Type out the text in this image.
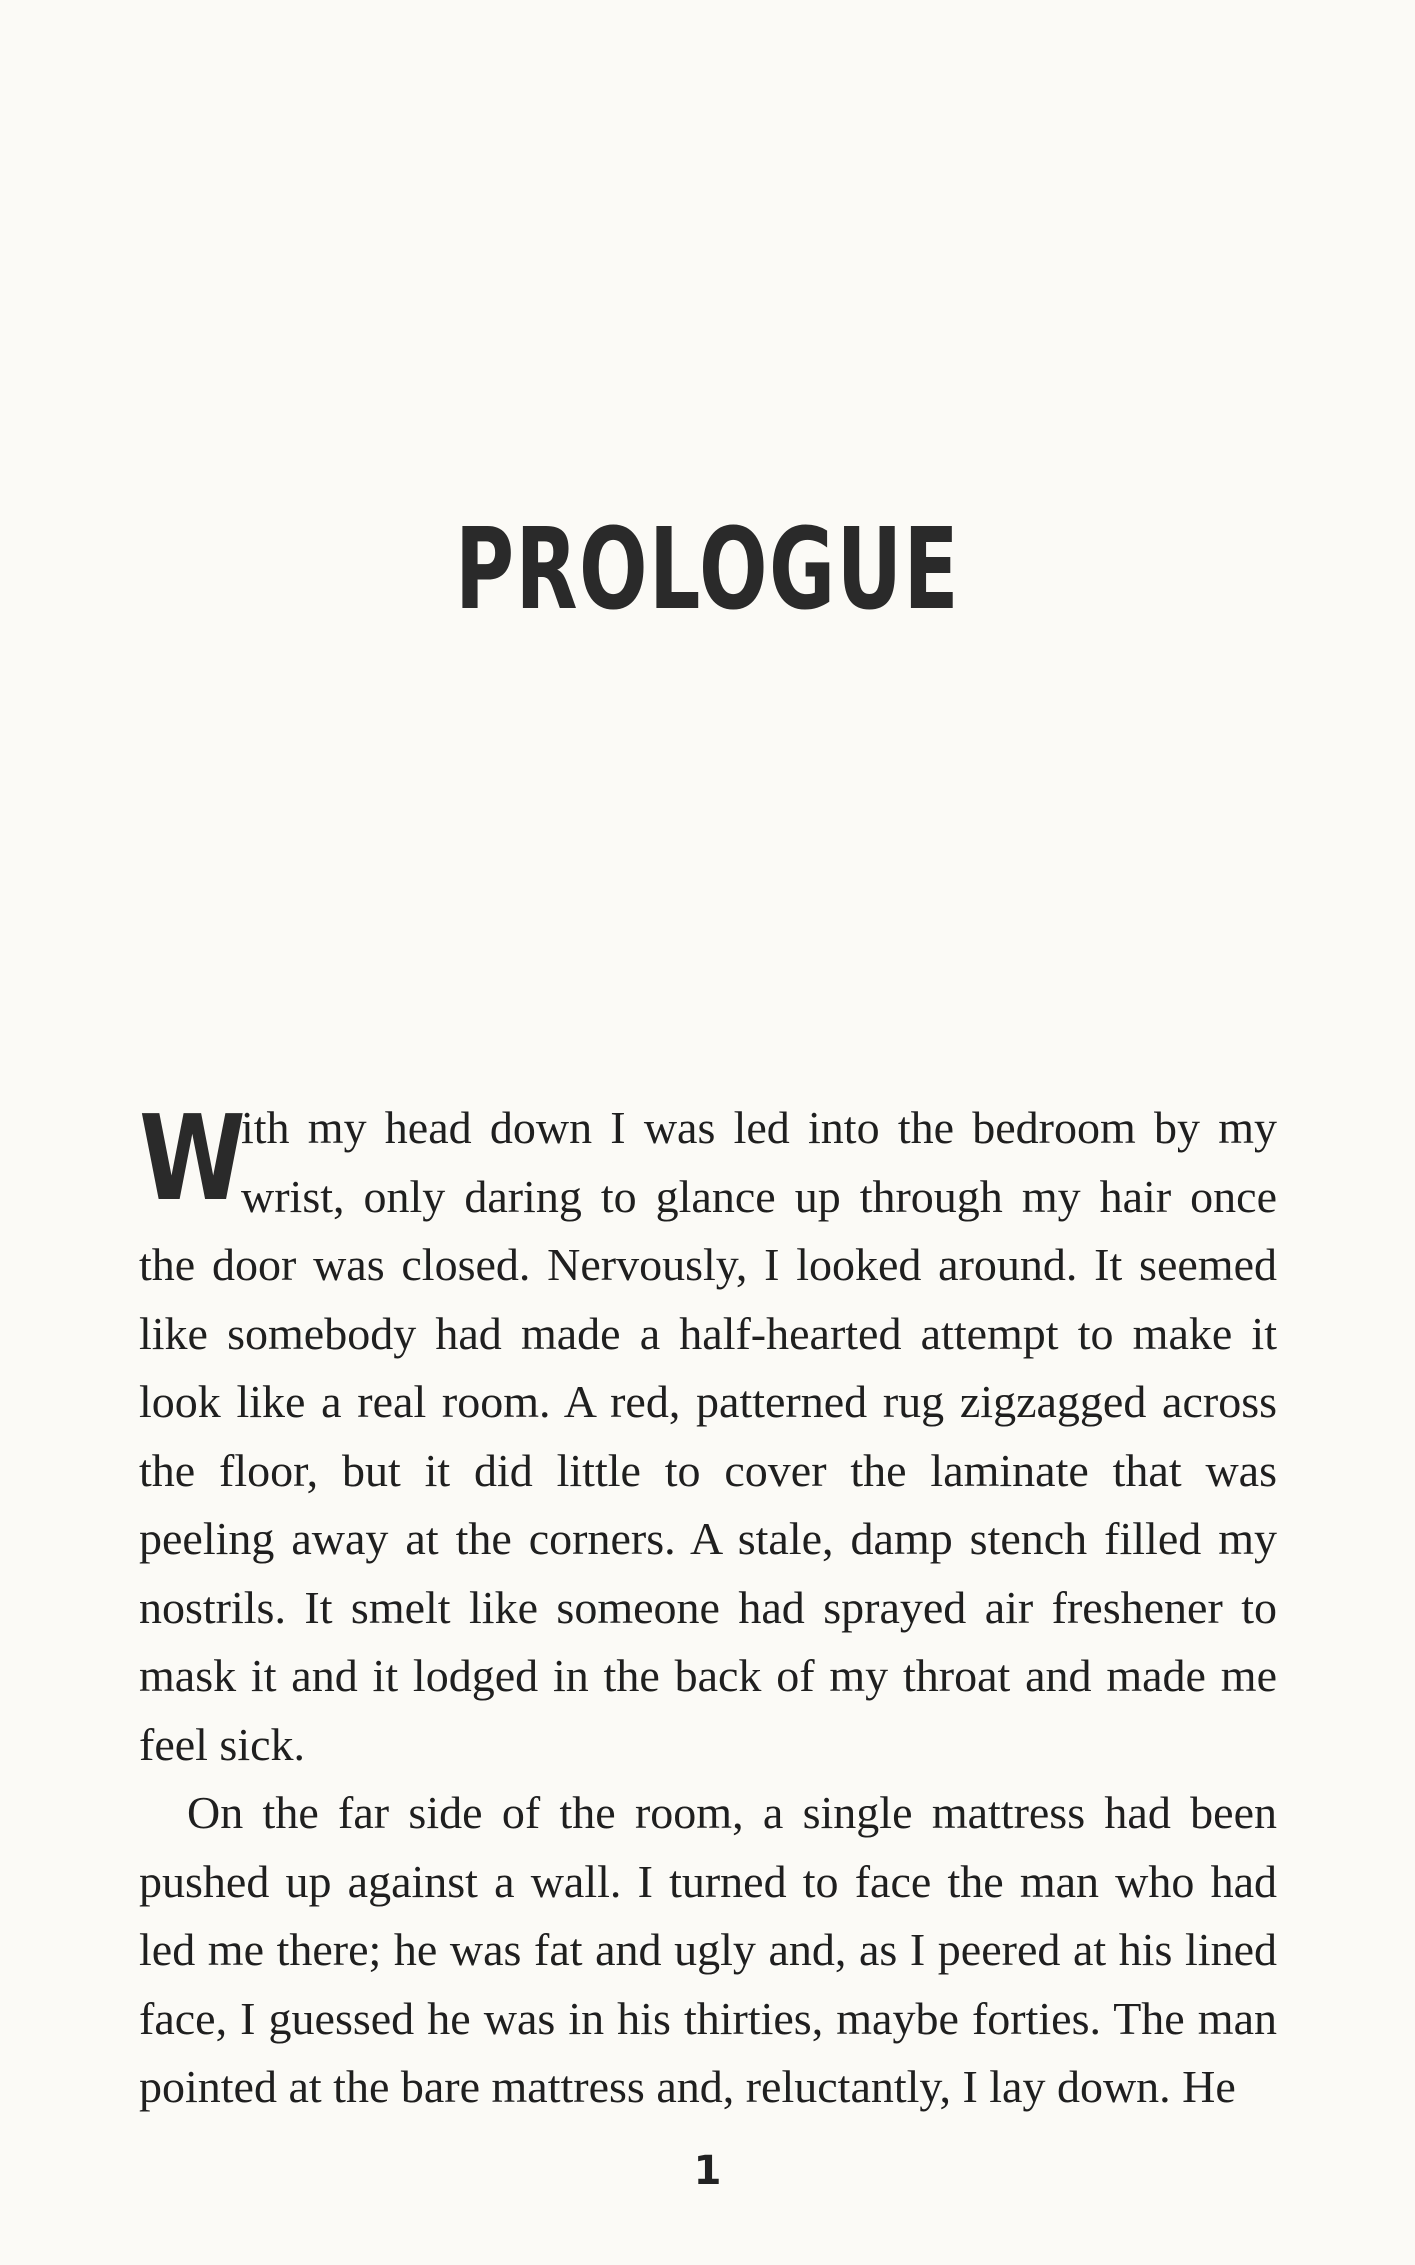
PROLOGUE

W
ith my head down I was led into the bedroom by my wrist, only daring to glance up through my hair once the door was closed. Nervously, I looked around. It seemed like somebody had made a half-hearted attempt to make it look like a real room. A red, patterned rug zigzagged across the floor, but it did little to cover the laminate that was peeling away at the corners. A stale, damp stench filled my nostrils. It smelt like someone had sprayed air freshener to mask it and it lodged in the back of my throat and made me feel sick.

On the far side of the room, a single mattress had been pushed up against a wall. I turned to face the man who had led me there; he was fat and ugly and, as I peered at his lined face, I guessed he was in his thirties, maybe forties. The man pointed at the bare mattress and, reluctantly, I lay down. He

1
